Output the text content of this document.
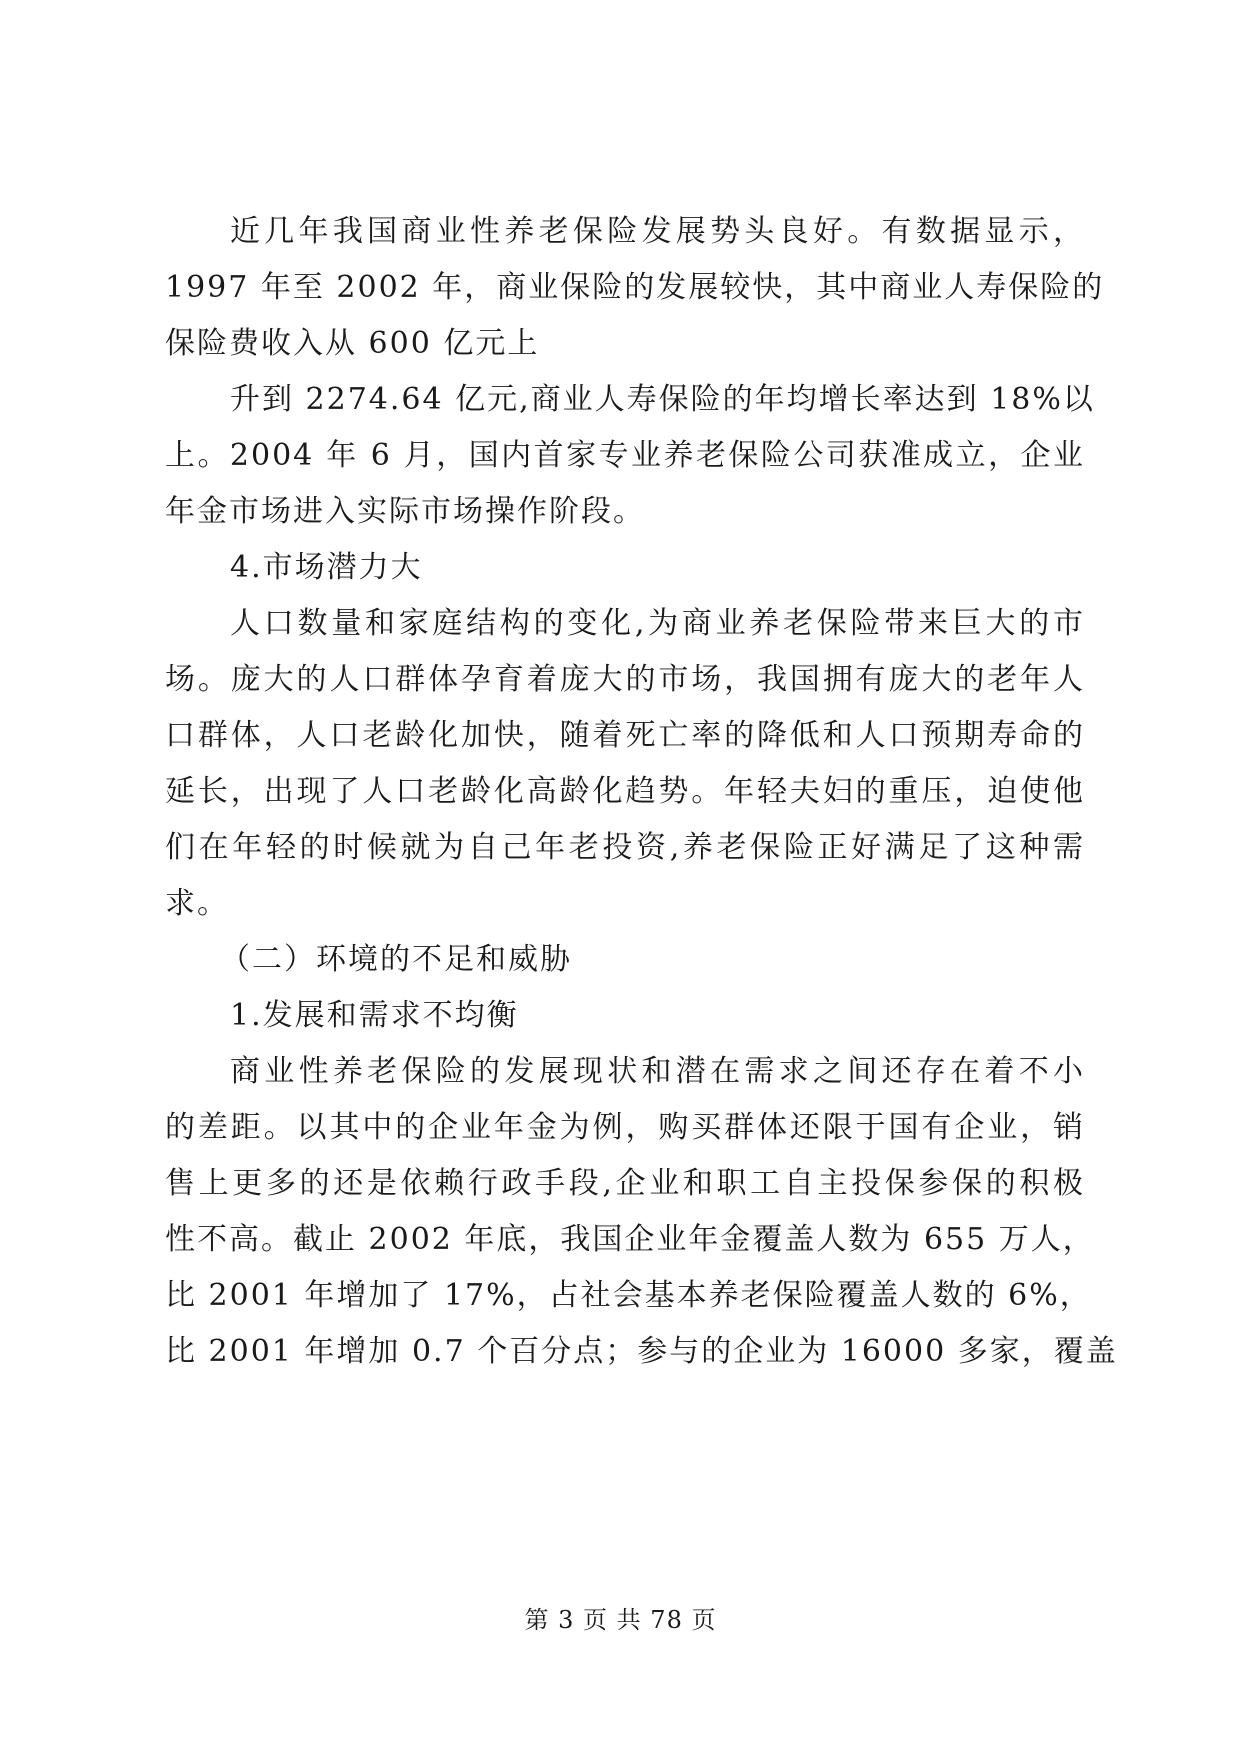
近几年我国商业性养老保险发展势头良好。有数据显示，
1997 年至 2002 年，商业保险的发展较快，其中商业人寿保险的
保险费收入从 600 亿元上
升到 2274.64 亿元,商业人寿保险的年均增长率达到 18%以
上。2004 年 6 月，国内首家专业养老保险公司获准成立，企业
年金市场进入实际市场操作阶段。
4.市场潜力大
人口数量和家庭结构的变化,为商业养老保险带来巨大的市
场。庞大的人口群体孕育着庞大的市场，我国拥有庞大的老年人
口群体，人口老龄化加快，随着死亡率的降低和人口预期寿命的
延长，出现了人口老龄化高龄化趋势。年轻夫妇的重压，迫使他
们在年轻的时候就为自己年老投资,养老保险正好满足了这种需
求。
（二）环境的不足和威胁
1.发展和需求不均衡
商业性养老保险的发展现状和潜在需求之间还存在着不小
的差距。以其中的企业年金为例，购买群体还限于国有企业，销
售上更多的还是依赖行政手段,企业和职工自主投保参保的积极
性不高。截止 2002 年底，我国企业年金覆盖人数为 655 万人，
比 2001 年增加了 17%，占社会基本养老保险覆盖人数的 6%，
比 2001 年增加 0.7 个百分点；参与的企业为 16000 多家，覆盖
第 3 页 共 78 页
